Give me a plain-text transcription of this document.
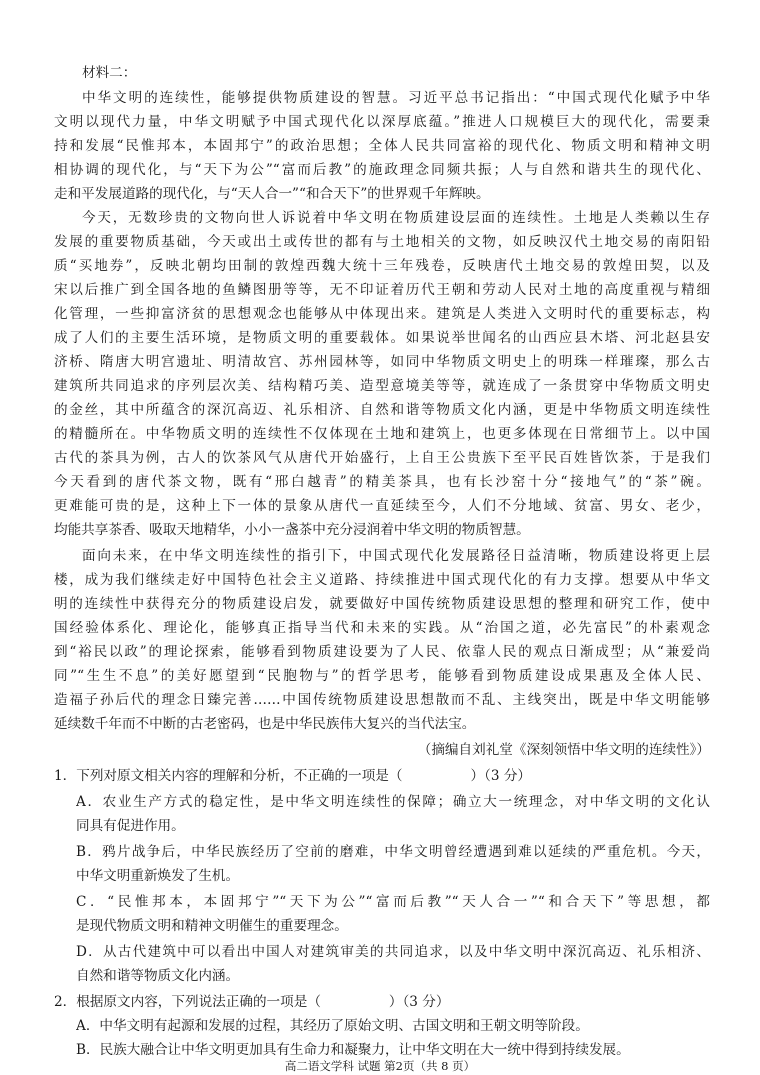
材料二：
中华文明的连续性，能够提供物质建设的智慧。习近平总书记指出：“中国式现代化赋予中华
文明以现代力量，中华文明赋予中国式现代化以深厚底蕴。”推进人口规模巨大的现代化，需要秉
持和发展“民惟邦本，本固邦宁”的政治思想；全体人民共同富裕的现代化、物质文明和精神文明
相协调的现代化，与“天下为公”“富而后教”的施政理念同频共振；人与自然和谐共生的现代化、
走和平发展道路的现代化，与“天人合一”“和合天下”的世界观千年辉映。
今天，无数珍贵的文物向世人诉说着中华文明在物质建设层面的连续性。土地是人类赖以生存
发展的重要物质基础，今天或出土或传世的都有与土地相关的文物，如反映汉代土地交易的南阳铅
质“买地券”，反映北朝均田制的敦煌西魏大统十三年残卷，反映唐代土地交易的敦煌田契，以及
宋以后推广到全国各地的鱼鳞图册等等，无不印证着历代王朝和劳动人民对土地的高度重视与精细
化管理，一些抑富济贫的思想观念也能够从中体现出来。建筑是人类进入文明时代的重要标志，构
成了人们的主要生活环境，是物质文明的重要载体。如果说举世闻名的山西应县木塔、河北赵县安
济桥、隋唐大明宫遗址、明清故宫、苏州园林等，如同中华物质文明史上的明珠一样璀璨，那么古
建筑所共同追求的序列层次美、结构精巧美、造型意境美等等，就连成了一条贯穿中华物质文明史
的金丝，其中所蕴含的深沉高迈、礼乐相济、自然和谐等物质文化内涵，更是中华物质文明连续性
的精髓所在。中华物质文明的连续性不仅体现在土地和建筑上，也更多体现在日常细节上。以中国
古代的茶具为例，古人的饮茶风气从唐代开始盛行，上自王公贵族下至平民百姓皆饮茶，于是我们
今天看到的唐代茶文物，既有“邢白越青”的精美茶具，也有长沙窑十分“接地气”的“茶”碗。
更难能可贵的是，这种上下一体的景象从唐代一直延续至今，人们不分地域、贫富、男女、老少，
均能共享茶香、吸取天地精华，小小一盏茶中充分浸润着中华文明的物质智慧。
面向未来，在中华文明连续性的指引下，中国式现代化发展路径日益清晰，物质建设将更上层
楼，成为我们继续走好中国特色社会主义道路、持续推进中国式现代化的有力支撑。想要从中华文
明的连续性中获得充分的物质建设启发，就要做好中国传统物质建设思想的整理和研究工作，使中
国经验体系化、理论化，能够真正指导当代和未来的实践。从“治国之道，必先富民”的朴素观念
到“裕民以政”的理论探索，能够看到物质建设要为了人民、依靠人民的观点日渐成型；从“兼爱尚
同”“生生不息”的美好愿望到“民胞物与”的哲学思考，能够看到物质建设成果惠及全体人民、
造福子孙后代的理念日臻完善……中国传统物质建设思想散而不乱、主线突出，既是中华文明能够
延续数千年而不中断的古老密码，也是中华民族伟大复兴的当代法宝。
（摘编自刘礼堂《深刻领悟中华文明的连续性》）
1．下列对原文相关内容的理解和分析，不正确的一项是（　　　　　）（3 分）
A．农业生产方式的稳定性，是中华文明连续性的保障；确立大一统理念，对中华文明的文化认
同具有促进作用。
B．鸦片战争后，中华民族经历了空前的磨难，中华文明曾经遭遇到难以延续的严重危机。今天，
中华文明重新焕发了生机。
C．“民惟邦本，本固邦宁”“天下为公”“富而后教”“天人合一”“和合天下”等思想，都
是现代物质文明和精神文明催生的重要理念。
D．从古代建筑中可以看出中国人对建筑审美的共同追求，以及中华文明中深沉高迈、礼乐相济、
自然和谐等物质文化内涵。
2．根据原文内容，下列说法正确的一项是（　　　　　）（3 分）
A．中华文明有起源和发展的过程，其经历了原始文明、古国文明和王朝文明等阶段。
高二语文学科 试题 第2页（共 8 页）
B．民族大融合让中华文明更加具有生命力和凝聚力，让中华文明在大一统中得到持续发展。
